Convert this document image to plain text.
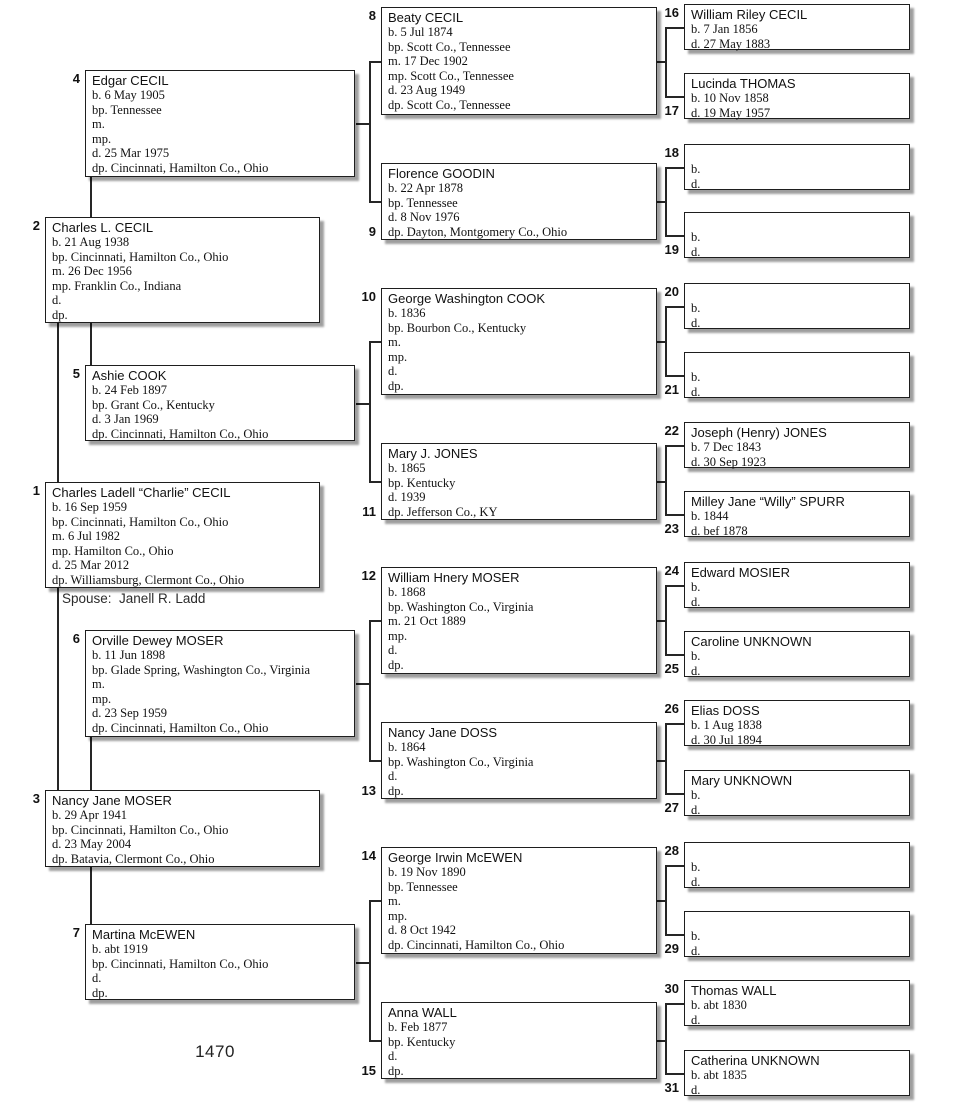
Spouse:  Janell R. Ladd
1470
Charles Ladell “Charlie” CECIL
b. 16 Sep 1959
bp. Cincinnati, Hamilton Co., Ohio
m. 6 Jul 1982
mp. Hamilton Co., Ohio
d. 25 Mar 2012
dp. Williamsburg, Clermont Co., Ohio
1
Charles L. CECIL
b. 21 Aug 1938
bp. Cincinnati, Hamilton Co., Ohio
m. 26 Dec 1956
mp. Franklin Co., Indiana
d.
dp.
2
Nancy Jane MOSER
b. 29 Apr 1941
bp. Cincinnati, Hamilton Co., Ohio
d. 23 May 2004
dp. Batavia, Clermont Co., Ohio
3
Edgar CECIL
b. 6 May 1905
bp. Tennessee
m.
mp.
d. 25 Mar 1975
dp. Cincinnati, Hamilton Co., Ohio
4
Ashie COOK
b. 24 Feb 1897
bp. Grant Co., Kentucky
d. 3 Jan 1969
dp. Cincinnati, Hamilton Co., Ohio
5
Orville Dewey MOSER
b. 11 Jun 1898
bp. Glade Spring, Washington Co., Virginia
m.
mp.
d. 23 Sep 1959
dp. Cincinnati, Hamilton Co., Ohio
6
Martina McEWEN
b. abt 1919
bp. Cincinnati, Hamilton Co., Ohio
d.
dp.
7
Beaty CECIL
b. 5 Jul 1874
bp. Scott Co., Tennessee
m. 17 Dec 1902
mp. Scott Co., Tennessee
d. 23 Aug 1949
dp. Scott Co., Tennessee
8
Florence GOODIN
b. 22 Apr 1878
bp. Tennessee
d. 8 Nov 1976
dp. Dayton, Montgomery Co., Ohio
9
George Washington COOK
b. 1836
bp. Bourbon Co., Kentucky
m.
mp.
d.
dp.
10
Mary J. JONES
b. 1865
bp. Kentucky
d. 1939
dp. Jefferson Co., KY
11
William Hnery MOSER
b. 1868
bp. Washington Co., Virginia
m. 21 Oct 1889
mp.
d.
dp.
12
Nancy Jane DOSS
b. 1864
bp. Washington Co., Virginia
d.
dp.
13
George Irwin McEWEN
b. 19 Nov 1890
bp. Tennessee
m.
mp.
d. 8 Oct 1942
dp. Cincinnati, Hamilton Co., Ohio
14
Anna WALL
b. Feb 1877
bp. Kentucky
d.
dp.
15
William Riley CECIL
b. 7 Jan 1856
d. 27 May 1883
16
Lucinda THOMAS
b. 10 Nov 1858
d. 19 May 1957
17
b.
d.
18
b.
d.
19
b.
d.
20
b.
d.
21
Joseph (Henry) JONES
b. 7 Dec 1843
d. 30 Sep 1923
22
Milley Jane “Willy” SPURR
b. 1844
d. bef 1878
23
Edward MOSIER
b.
d.
24
Caroline UNKNOWN
b.
d.
25
Elias DOSS
b. 1 Aug 1838
d. 30 Jul 1894
26
Mary UNKNOWN
b.
d.
27
b.
d.
28
b.
d.
29
Thomas WALL
b. abt 1830
d.
30
Catherina UNKNOWN
b. abt 1835
d.
31
